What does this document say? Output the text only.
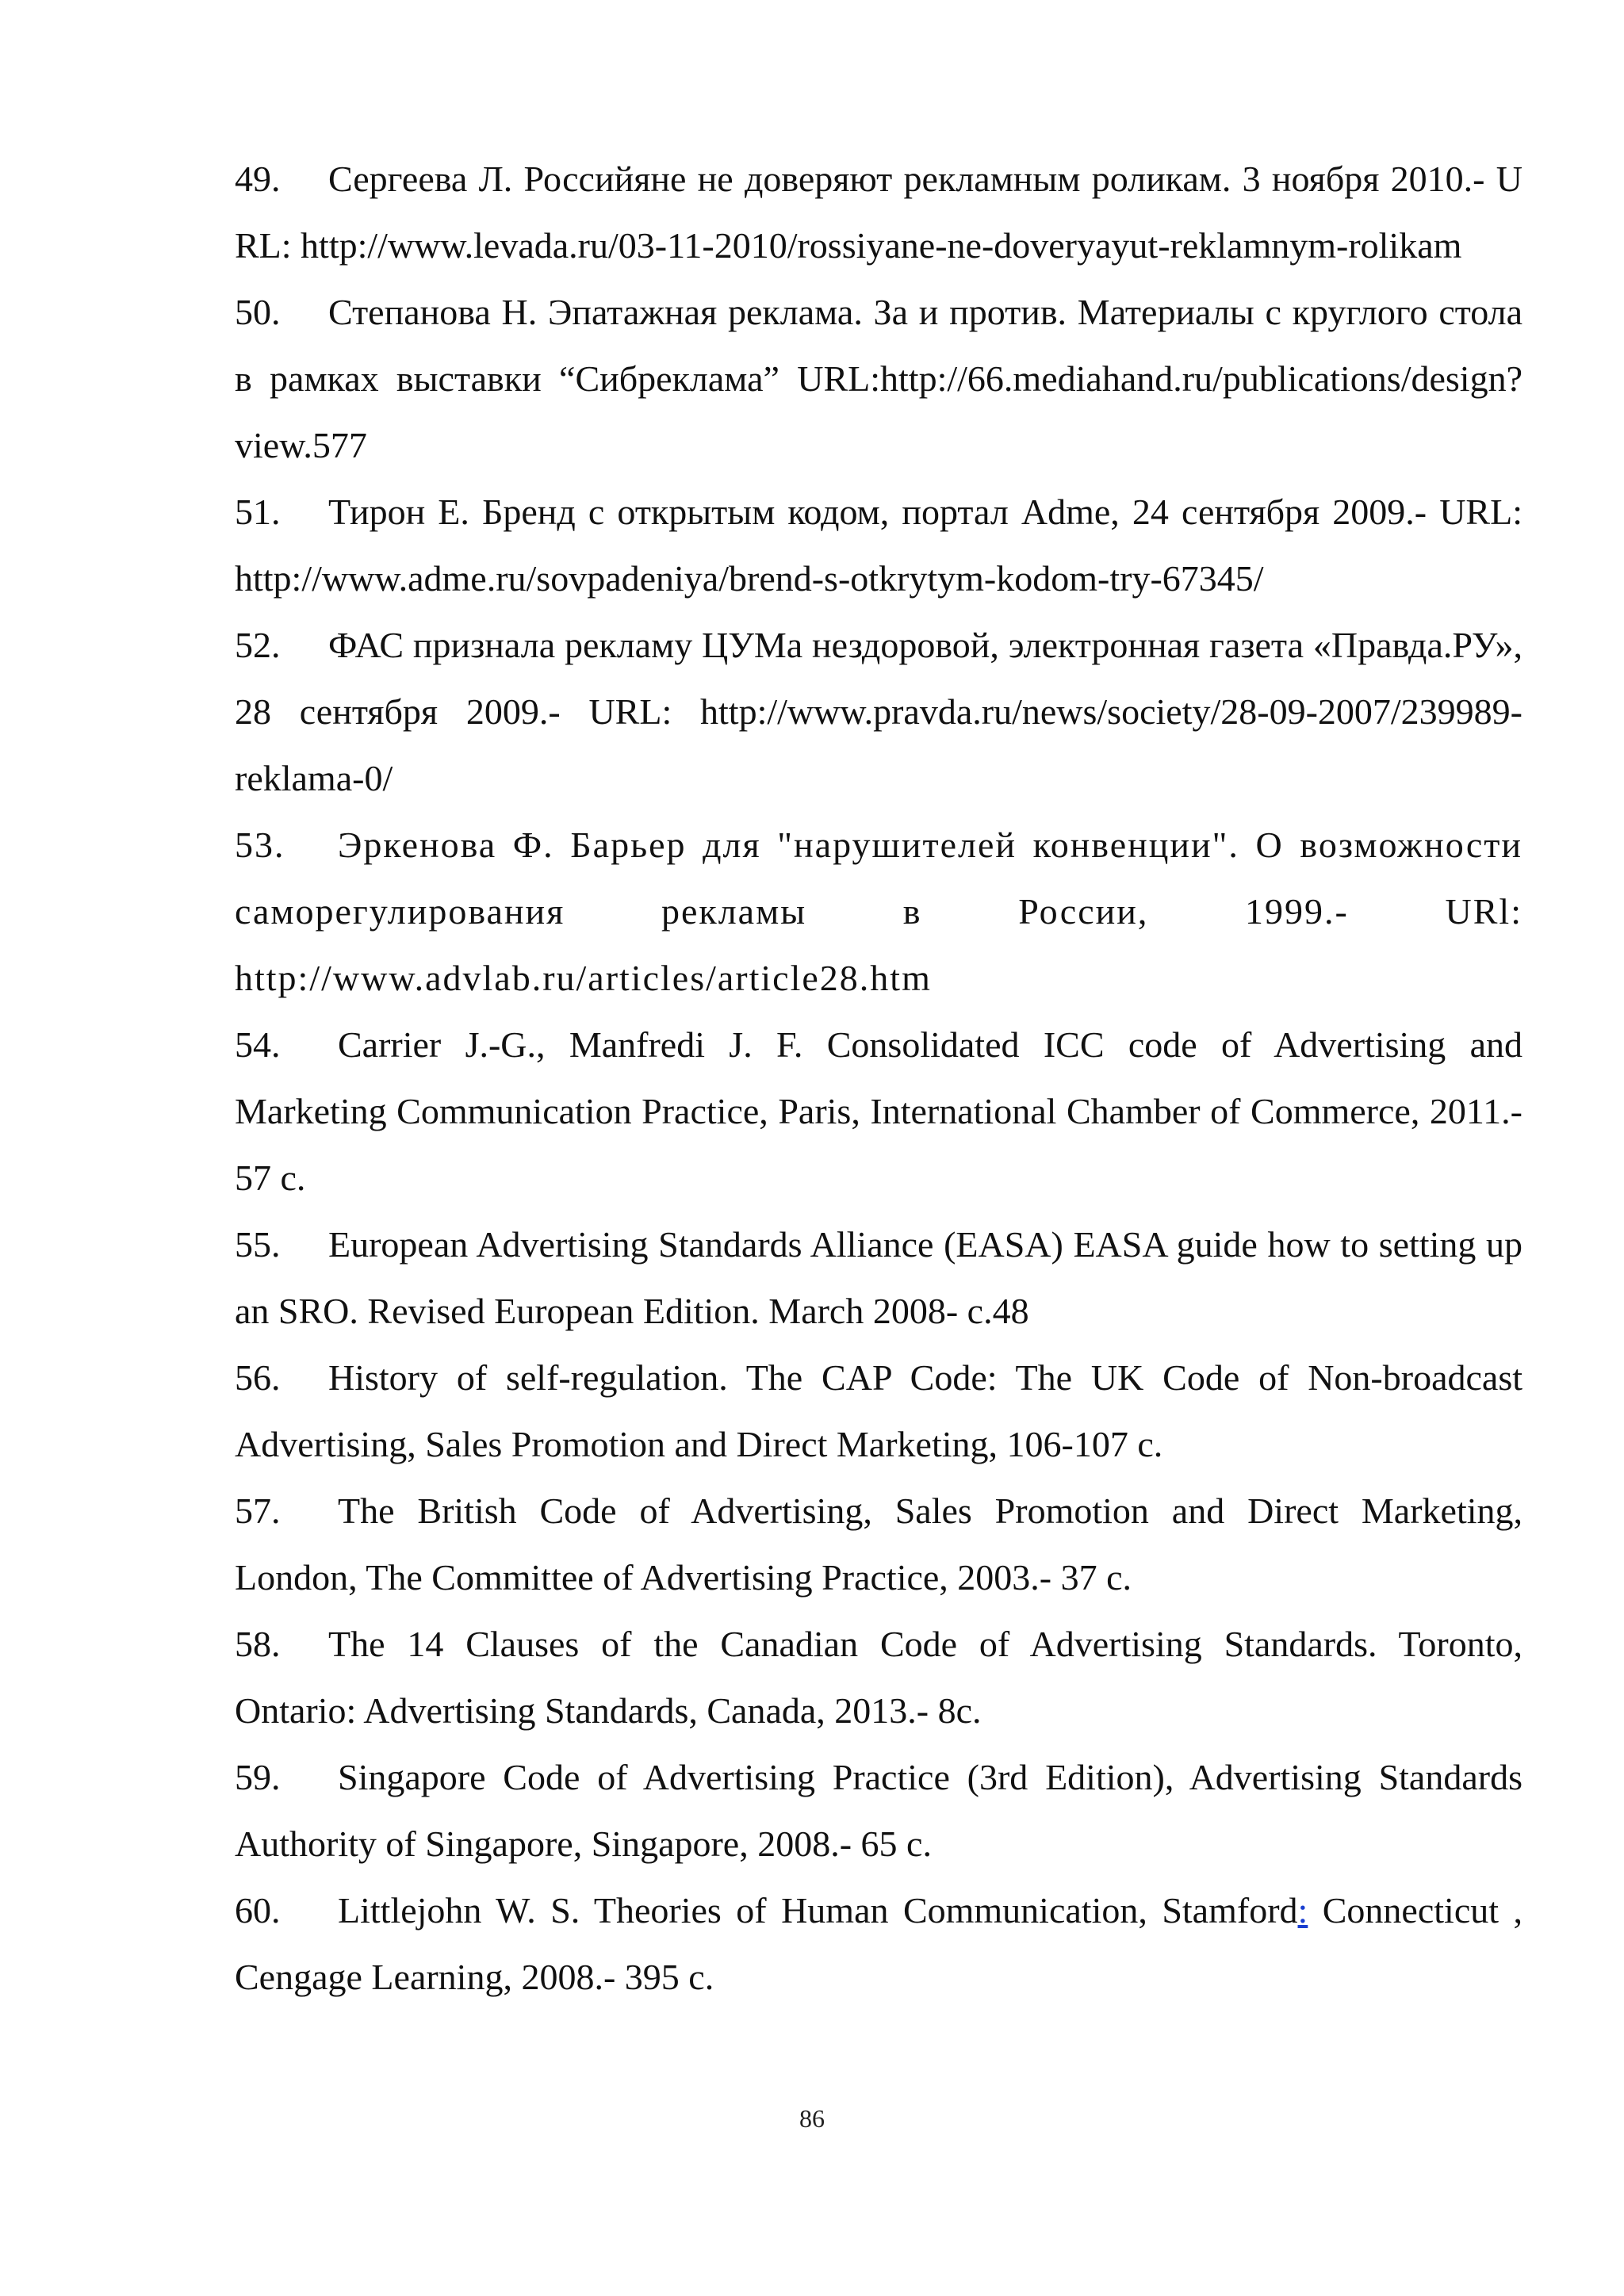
49. Сергеева Л. Российяне не доверяют рекламным роликам. 3 ноября 2010.- URL: http://www.levada.ru/03-11-2010/rossiyane-ne-doveryayut-reklamnym-rolikam

50. Степанова Н. Эпатажная реклама. За и против. Материалы с круглого стола в рамках выставки “Сибреклама” URL:http://66.mediahand.ru/publications/design?view.577

51. Тирон Е. Бренд с открытым кодом, портал Adme, 24 сентября 2009.- URL: http://www.adme.ru/sovpadeniya/brend-s-otkrytym-kodom-try-67345/

52. ФАС признала рекламу ЦУМа нездоровой, электронная газета «Правда.РУ», 28 сентября 2009.- URL: http://www.pravda.ru/news/society/28-09-2007/239989-reklama-0/

53. Эркенова Ф. Барьер для "нарушителей конвенции". О возможности саморегулирования рекламы в России, 1999.- URl: http://www.advlab.ru/articles/article28.htm

54. Carrier J.-G., Manfredi J. F. Consolidated ICC code of Advertising and Marketing Communication Practice, Paris, International Chamber of Commerce, 2011.- 57 с.

55. European Advertising Standards Alliance (EASA) EASA guide how to setting up an SRO. Revised European Edition. March 2008- с.48

56. History of self-regulation. The CAP Code: The UK Code of Non-broadcast Advertising, Sales Promotion and Direct Marketing, 106-107 с.

57. The British Code of Advertising, Sales Promotion and Direct Marketing, London, The Committee of Advertising Practice, 2003.- 37 с.

58. The 14 Clauses of the Canadian Code of Advertising Standards. Toronto, Ontario: Advertising Standards, Canada, 2013.- 8с.

59. Singapore Code of Advertising Practice (3rd Edition), Advertising Standards Authority of Singapore, Singapore, 2008.- 65 с.

60. Littlejohn W. S. Theories of Human Communication, Stamford: Connecticut , Cengage Learning, 2008.- 395 с.

86
